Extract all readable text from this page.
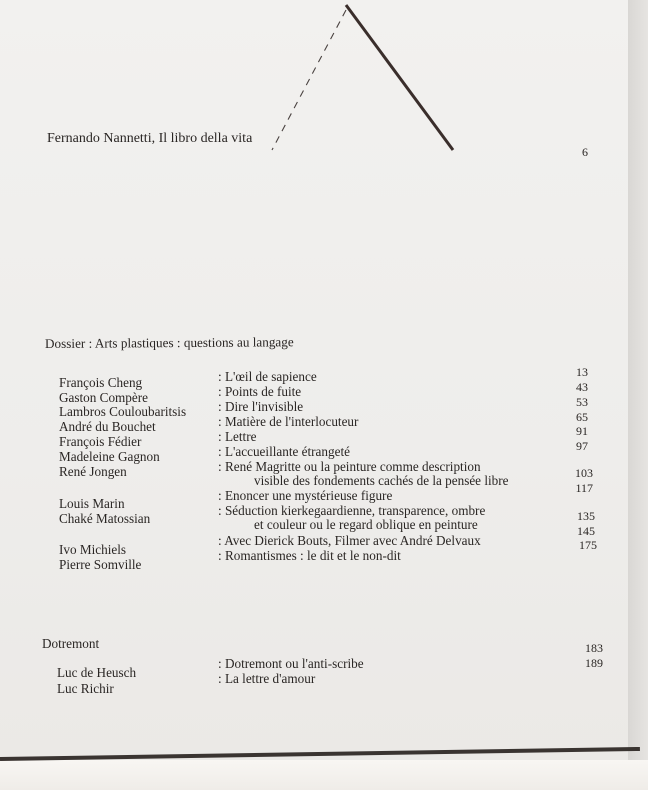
Fernando Nannetti, Il libro della vita
6
Dossier : Arts plastiques : questions au langage
François Cheng
Gaston Compère
Lambros Couloubaritsis
André du Bouchet
François Fédier
Madeleine Gagnon
René Jongen
Louis Marin
Chaké Matossian
Ivo Michiels
Pierre Somville
: L'œil de sapience
: Points de fuite
: Dire l'invisible
: Matière de l'interlocuteur
: Lettre
: L'accueillante étrangeté
: René Magritte ou la peinture comme description
visible des fondements cachés de la pensée libre
: Enoncer une mystérieuse figure
: Séduction kierkegaardienne, transparence, ombre
et couleur ou le regard oblique en peinture
: Avec Dierick Bouts, Filmer avec André Delvaux
: Romantismes : le dit et le non-dit
13
43
53
65
91
97
103
117
135
145
175
Dotremont
Luc de Heusch
Luc Richir
: Dotremont ou l'anti-scribe
: La lettre d'amour
183
189
